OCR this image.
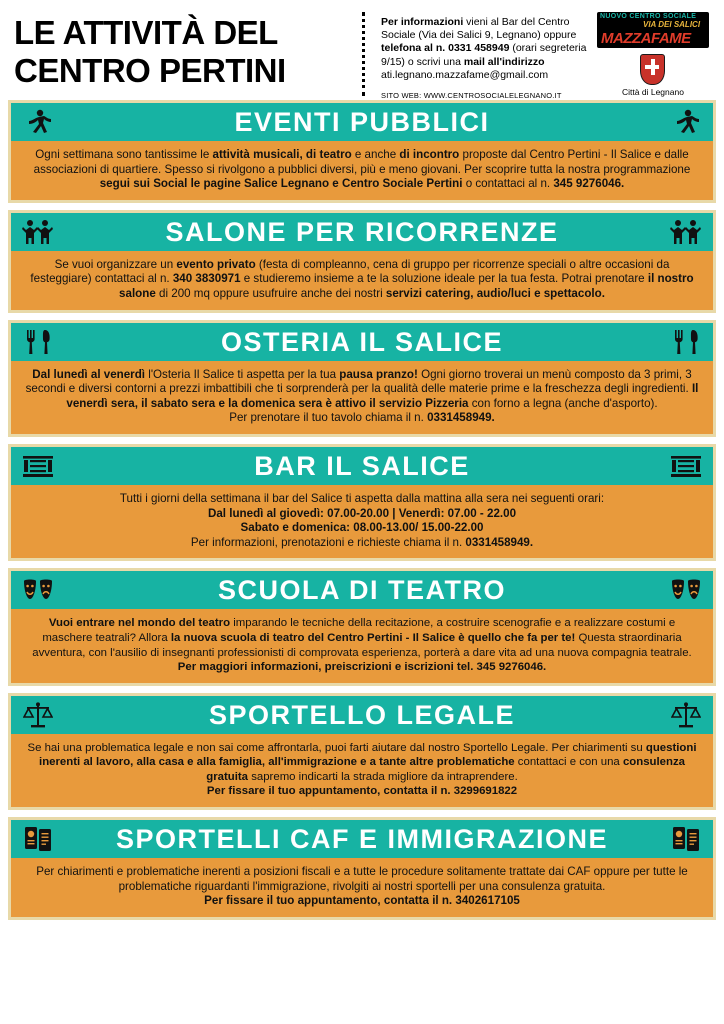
LE ATTIVITÀ DEL
CENTRO PERTINI
Per informazioni vieni al Bar del Centro Sociale (Via dei Salici 9, Legnano) oppure telefona al n. 0331 458949 (orari segreteria 9/15) o scrivi una mail all'indirizzo ati.legnano.mazzafame@gmail.com
SITO WEB: WWW.CENTROSOCIALELEGNANO.IT
NUOVO CENTRO SOCIALE
VIA DEI SALICI
MAZZAFAME
Città di Legnano
EVENTI PUBBLICI
Ogni settimana sono tantissime le attività musicali, di teatro e anche di incontro proposte dal Centro Pertini - Il Salice e dalle associazioni di quartiere. Spesso si rivolgono a pubblici diversi, più e meno giovani. Per scoprire tutta la nostra programmazione segui sui Social le pagine Salice Legnano e Centro Sociale Pertini o contattaci al n. 345 9276046.
SALONE PER RICORRENZE
Se vuoi organizzare un evento privato (festa di compleanno, cena di gruppo per ricorrenze speciali o altre occasioni da festeggiare) contattaci al n. 340 3830971 e studieremo insieme a te la soluzione ideale per la tua festa. Potrai prenotare il nostro salone di 200 mq oppure usufruire anche dei nostri servizi catering, audio/luci e spettacolo.
OSTERIA IL SALICE
Dal lunedì al venerdì l'Osteria Il Salice ti aspetta per la tua pausa pranzo! Ogni giorno troverai un menù composto da 3 primi, 3 secondi e diversi contorni a prezzi imbattibili che ti sorprenderà per la qualità delle materie prime e la freschezza degli ingredienti. Il venerdì sera, il sabato sera e la domenica sera è attivo il servizio Pizzeria con forno a legna (anche d'asporto).
Per prenotare il tuo tavolo chiama il n. 0331458949.
BAR IL SALICE
Tutti i giorni della settimana il bar del Salice ti aspetta dalla mattina alla sera nei seguenti orari:
Dal lunedì al giovedì: 07.00-20.00 | Venerdì: 07.00 - 22.00
Sabato e domenica: 08.00-13.00/ 15.00-22.00
Per informazioni, prenotazioni e richieste chiama il n. 0331458949.
SCUOLA DI TEATRO
Vuoi entrare nel mondo del teatro imparando le tecniche della recitazione, a costruire scenografie e a realizzare costumi e maschere teatrali? Allora la nuova scuola di teatro del Centro Pertini - Il Salice è quello che fa per te! Questa straordinaria avventura, con l'ausilio di insegnanti professionisti di comprovata esperienza, porterà a dare vita ad una nuova compagnia teatrale. Per maggiori informazioni, preiscrizioni e iscrizioni tel. 345 9276046.
SPORTELLO LEGALE
Se hai una problematica legale e non sai come affrontarla, puoi farti aiutare dal nostro Sportello Legale. Per chiarimenti su questioni inerenti al lavoro, alla casa e alla famiglia, all'immigrazione e a tante altre problematiche contattaci e con una consulenza gratuita sapremo indicarti la strada migliore da intraprendere.
Per fissare il tuo appuntamento, contatta il n. 3299691822
SPORTELLI CAF E IMMIGRAZIONE
Per chiarimenti e problematiche inerenti a posizioni fiscali e a tutte le procedure solitamente trattate dai CAF oppure per tutte le problematiche riguardanti l'immigrazione, rivolgiti ai nostri sportelli per una consulenza gratuita.
Per fissare il tuo appuntamento, contatta il n. 3402617105
